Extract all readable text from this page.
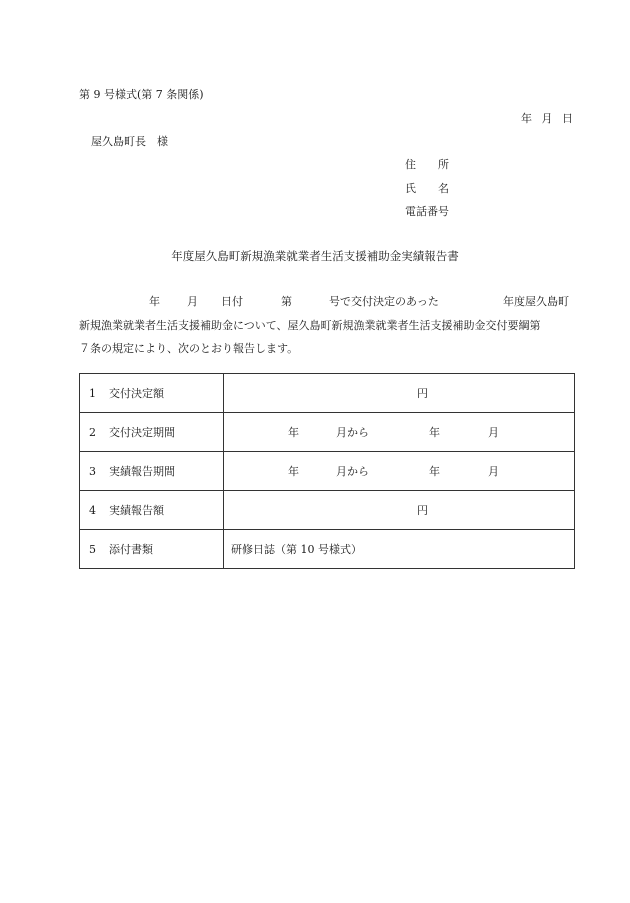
第 9 号様式(第 7 条関係)
年 月 日
屋久島町長　様
住　　所
氏　　名
電話番号
年度屋久島町新規漁業就業者生活支援補助金実績報告書
年 月 日付	第	号で交付決定のあった	年度屋久島町
新規漁業就業者生活支援補助金について、屋久島町新規漁業就業者生活支援補助金交付要綱第
７条の規定により、次のとおり報告します。
1 交付決定額	円

2 交付決定期間	年 月から 年 月

3 実績報告期間	年 月から 年 月

4 実績報告額	円

5 添付書類	研修日誌（第 10 号様式）
